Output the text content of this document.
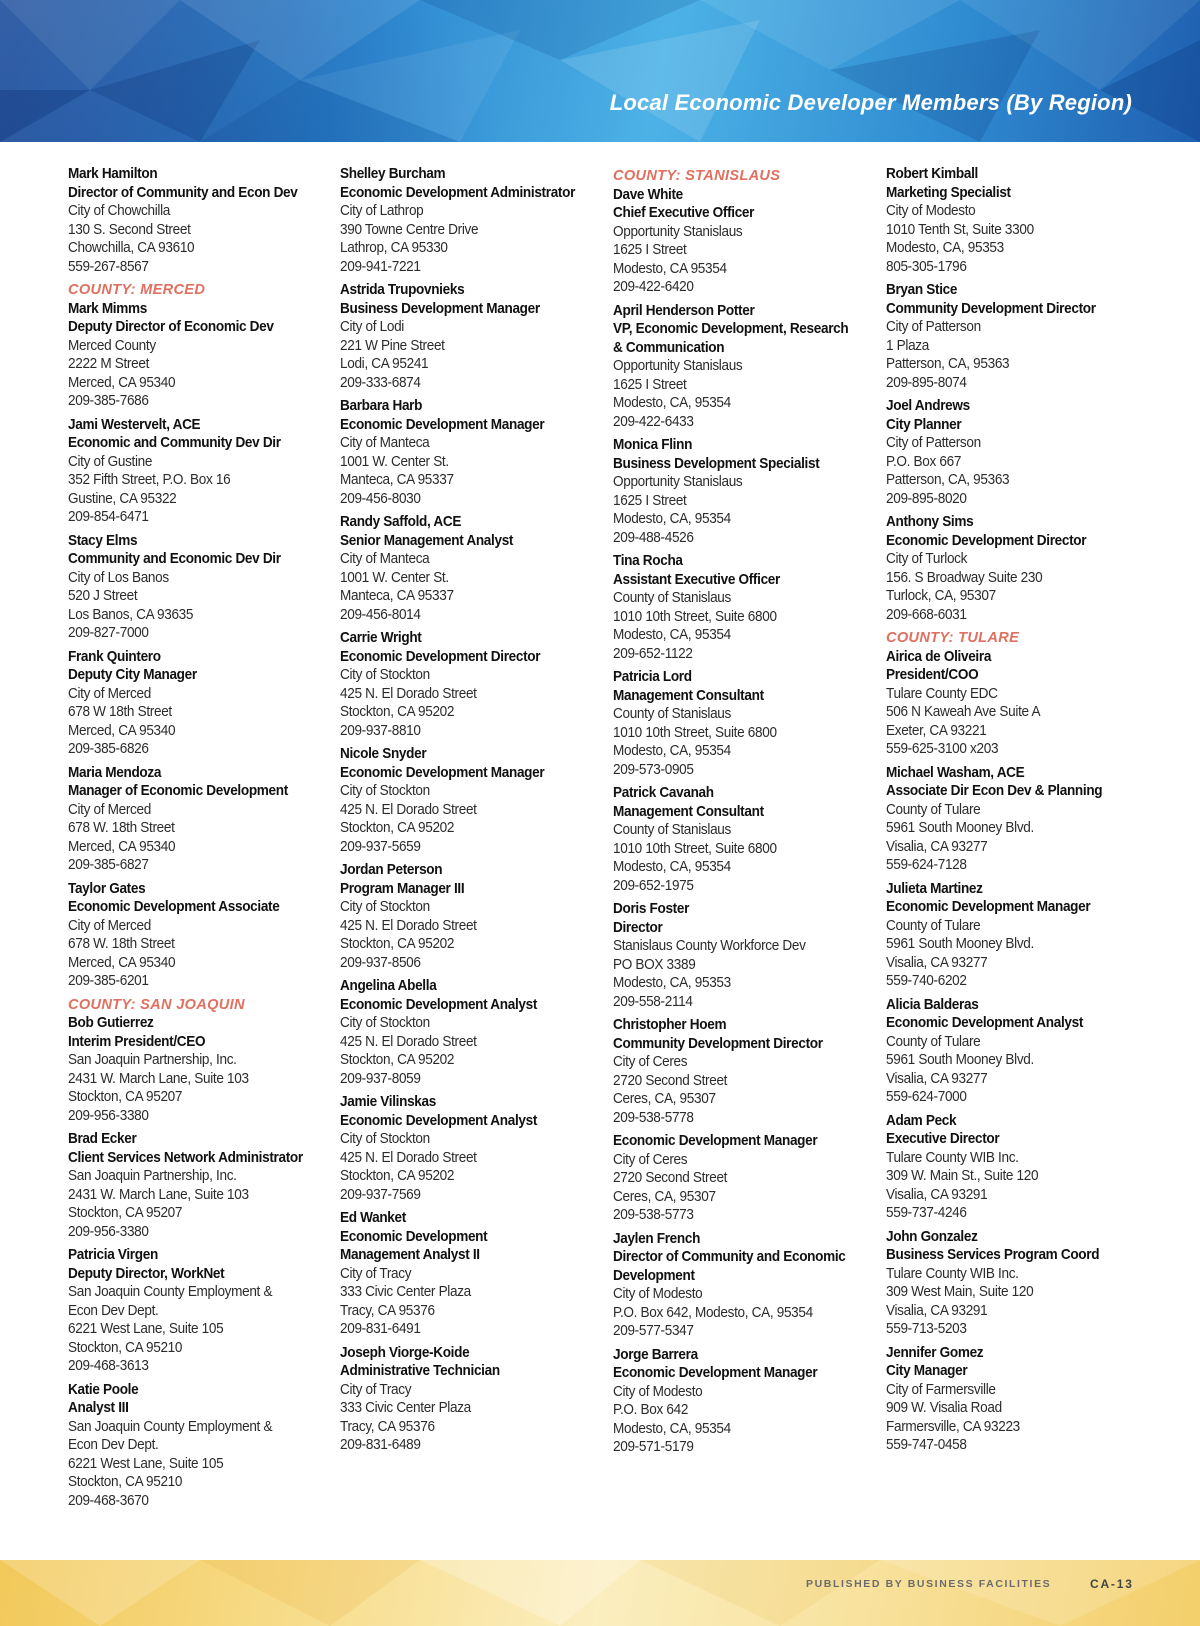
Local Economic Developer Members (By Region)
Mark Hamilton
Director of Community and Econ Dev
City of Chowchilla
130 S. Second Street
Chowchilla, CA 93610
559-267-8567
COUNTY: MERCED
Mark Mimms
Deputy Director of Economic Dev
Merced County
2222 M Street
Merced, CA 95340
209-385-7686
Jami Westervelt, ACE
Economic and Community Dev Dir
City of Gustine
352 Fifth Street, P.O. Box 16
Gustine, CA 95322
209-854-6471
Stacy Elms
Community and Economic Dev Dir
City of Los Banos
520 J Street
Los Banos, CA 93635
209-827-7000
Frank Quintero
Deputy City Manager
City of Merced
678 W 18th Street
Merced, CA 95340
209-385-6826
Maria Mendoza
Manager of Economic Development
City of Merced
678 W. 18th Street
Merced, CA 95340
209-385-6827
Taylor Gates
Economic Development Associate
City of Merced
678 W. 18th Street
Merced, CA 95340
209-385-6201
COUNTY: SAN JOAQUIN
Bob Gutierrez
Interim President/CEO
San Joaquin Partnership, Inc.
2431 W. March Lane, Suite 103
Stockton, CA 95207
209-956-3380
Brad Ecker
Client Services Network Administrator
San Joaquin Partnership, Inc.
2431 W. March Lane, Suite 103
Stockton, CA 95207
209-956-3380
Patricia Virgen
Deputy Director, WorkNet
San Joaquin County Employment &
Econ Dev Dept.
6221 West Lane, Suite 105
Stockton, CA 95210
209-468-3613
Katie Poole
Analyst III
San Joaquin County Employment &
Econ Dev Dept.
6221 West Lane, Suite 105
Stockton, CA 95210
209-468-3670
Shelley Burcham
Economic Development Administrator
City of Lathrop
390 Towne Centre Drive
Lathrop, CA 95330
209-941-7221
Astrida Trupovnieks
Business Development Manager
City of Lodi
221 W Pine Street
Lodi, CA 95241
209-333-6874
Barbara Harb
Economic Development Manager
City of Manteca
1001 W. Center St.
Manteca, CA 95337
209-456-8030
Randy Saffold, ACE
Senior Management Analyst
City of Manteca
1001 W. Center St.
Manteca, CA 95337
209-456-8014
Carrie Wright
Economic Development Director
City of Stockton
425 N. El Dorado Street
Stockton, CA 95202
209-937-8810
Nicole Snyder
Economic Development Manager
City of Stockton
425 N. El Dorado Street
Stockton, CA 95202
209-937-5659
Jordan Peterson
Program Manager III
City of Stockton
425 N. El Dorado Street
Stockton, CA 95202
209-937-8506
Angelina Abella
Economic Development Analyst
City of Stockton
425 N. El Dorado Street
Stockton, CA 95202
209-937-8059
Jamie Vilinskas
Economic Development Analyst
City of Stockton
425 N. El Dorado Street
Stockton, CA 95202
209-937-7569
Ed Wanket
Economic Development
Management Analyst II
City of Tracy
333 Civic Center Plaza
Tracy, CA 95376
209-831-6491
Joseph Viorge-Koide
Administrative Technician
City of Tracy
333 Civic Center Plaza
Tracy, CA 95376
209-831-6489
COUNTY: STANISLAUS
Dave White
Chief Executive Officer
Opportunity Stanislaus
1625 I Street
Modesto, CA 95354
209-422-6420
April Henderson Potter
VP, Economic Development, Research
& Communication
Opportunity Stanislaus
1625 I Street
Modesto, CA, 95354
209-422-6433
Monica Flinn
Business Development Specialist
Opportunity Stanislaus
1625 I Street
Modesto, CA, 95354
209-488-4526
Tina Rocha
Assistant Executive Officer
County of Stanislaus
1010 10th Street, Suite 6800
Modesto, CA, 95354
209-652-1122
Patricia Lord
Management Consultant
County of Stanislaus
1010 10th Street, Suite 6800
Modesto, CA, 95354
209-573-0905
Patrick Cavanah
Management Consultant
County of Stanislaus
1010 10th Street, Suite 6800
Modesto, CA, 95354
209-652-1975
Doris Foster
Director
Stanislaus County Workforce Dev
PO BOX 3389
Modesto, CA, 95353
209-558-2114
Christopher Hoem
Community Development Director
City of Ceres
2720 Second Street
Ceres, CA, 95307
209-538-5778
Economic Development Manager
City of Ceres
2720 Second Street
Ceres, CA, 95307
209-538-5773
Jaylen French
Director of Community and Economic
Development
City of Modesto
P.O. Box 642, Modesto, CA, 95354
209-577-5347
Jorge Barrera
Economic Development Manager
City of Modesto
P.O. Box 642
Modesto, CA, 95354
209-571-5179
Robert Kimball
Marketing Specialist
City of Modesto
1010 Tenth St, Suite 3300
Modesto, CA, 95353
805-305-1796
Bryan Stice
Community Development Director
City of Patterson
1 Plaza
Patterson, CA, 95363
209-895-8074
Joel Andrews
City Planner
City of Patterson
P.O. Box 667
Patterson, CA, 95363
209-895-8020
Anthony Sims
Economic Development Director
City of Turlock
156. S Broadway Suite 230
Turlock, CA, 95307
209-668-6031
COUNTY: TULARE
Airica de Oliveira
President/COO
Tulare County EDC
506 N Kaweah Ave Suite A
Exeter, CA 93221
559-625-3100 x203
Michael Washam, ACE
Associate Dir Econ Dev & Planning
County of Tulare
5961 South Mooney Blvd.
Visalia, CA 93277
559-624-7128
Julieta Martinez
Economic Development Manager
County of Tulare
5961 South Mooney Blvd.
Visalia, CA 93277
559-740-6202
Alicia Balderas
Economic Development Analyst
County of Tulare
5961 South Mooney Blvd.
Visalia, CA 93277
559-624-7000
Adam Peck
Executive Director
Tulare County WIB Inc.
309 W. Main St., Suite 120
Visalia, CA 93291
559-737-4246
John Gonzalez
Business Services Program Coord
Tulare County WIB Inc.
309 West Main, Suite 120
Visalia, CA 93291
559-713-5203
Jennifer Gomez
City Manager
City of Farmersville
909 W. Visalia Road
Farmersville, CA 93223
559-747-0458
PUBLISHED BY BUSINESS FACILITIES	CA-13
